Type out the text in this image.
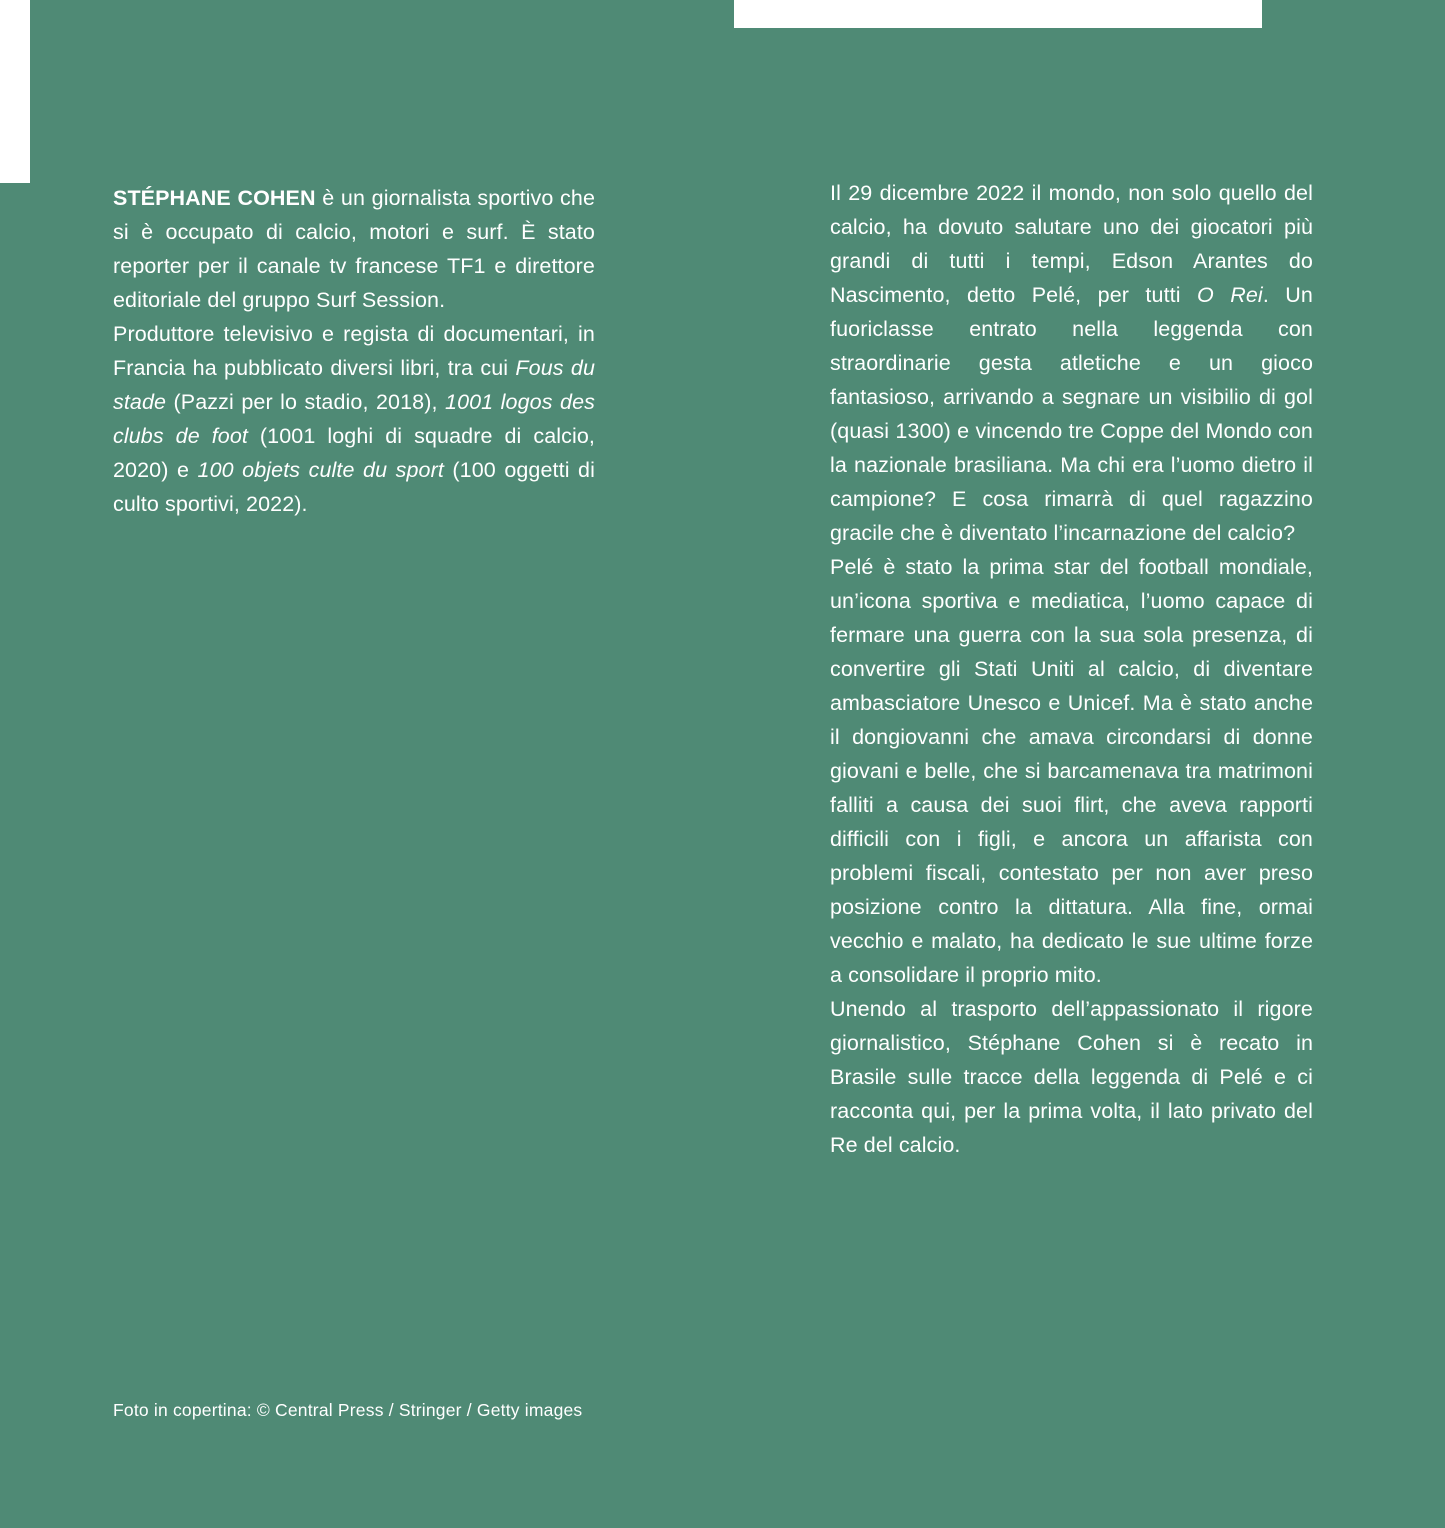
STÉPHANE COHEN è un giornalista sportivo che si è occupato di calcio, motori e surf. È stato reporter per il canale tv francese TF1 e direttore editoriale del gruppo Surf Session.

Produttore televisivo e regista di documentari, in Francia ha pubblicato diversi libri, tra cui Fous du stade (Pazzi per lo stadio, 2018), 1001 logos des clubs de foot (1001 loghi di squadre di calcio, 2020) e 100 objets culte du sport (100 oggetti di culto sportivi, 2022).

Il 29 dicembre 2022 il mondo, non solo quello del calcio, ha dovuto salutare uno dei giocatori più grandi di tutti i tempi, Edson Arantes do Nascimento, detto Pelé, per tutti O Rei. Un fuoriclasse entrato nella leggenda con straordinarie gesta atletiche e un gioco fantasioso, arrivando a segnare un visibilio di gol (quasi 1300) e vincendo tre Coppe del Mondo con la nazionale brasiliana. Ma chi era l’uomo dietro il campione? E cosa rimarrà di quel ragazzino gracile che è diventato l’incarnazione del calcio?

Pelé è stato la prima star del football mondiale, un’icona sportiva e mediatica, l’uomo capace di fermare una guerra con la sua sola presenza, di convertire gli Stati Uniti al calcio, di diventare ambasciatore Unesco e Unicef. Ma è stato anche il dongiovanni che amava circondarsi di donne giovani e belle, che si barcamenava tra matrimoni falliti a causa dei suoi flirt, che aveva rapporti difficili con i figli, e ancora un affarista con problemi fiscali, contestato per non aver preso posizione contro la dittatura. Alla fine, ormai vecchio e malato, ha dedicato le sue ultime forze a consolidare il proprio mito.

Unendo al trasporto dell’appassionato il rigore giornalistico, Stéphane Cohen si è recato in Brasile sulle tracce della leggenda di Pelé e ci racconta qui, per la prima volta, il lato privato del Re del calcio.

Foto in copertina: © Central Press / Stringer / Getty images
